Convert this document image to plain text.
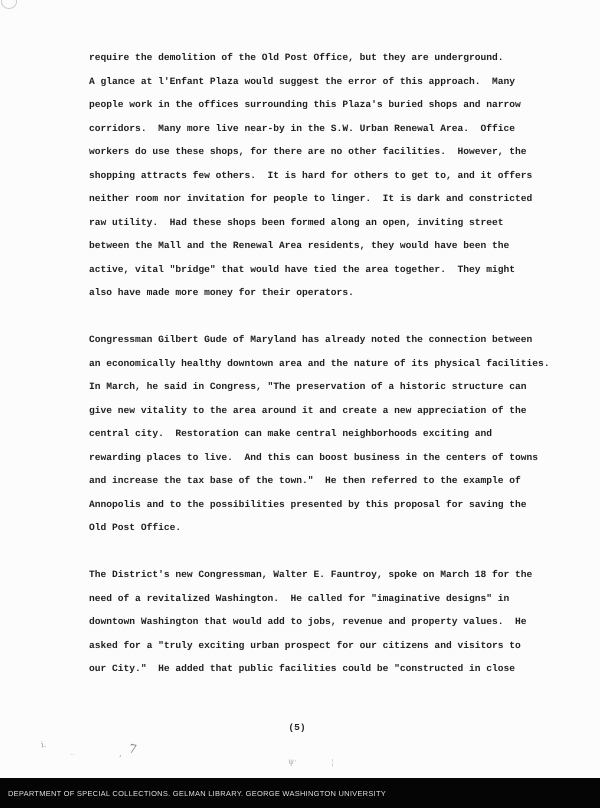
require the demolition of the Old Post Office, but they are underground.
A glance at l'Enfant Plaza would suggest the error of this approach.  Many
people work in the offices surrounding this Plaza's buried shops and narrow
corridors.  Many more live near-by in the S.W. Urban Renewal Area.  Office
workers do use these shops, for there are no other facilities.  However, the
shopping attracts few others.  It is hard for others to get to, and it offers
neither room nor invitation for people to linger.  It is dark and constricted
raw utility.  Had these shops been formed along an open, inviting street
between the Mall and the Renewal Area residents, they would have been the
active, vital "bridge" that would have tied the area together.  They might
also have made more money for their operators.
Congressman Gilbert Gude of Maryland has already noted the connection between
an economically healthy downtown area and the nature of its physical facilities.
In March, he said in Congress, "The preservation of a historic structure can
give new vitality to the area around it and create a new appreciation of the
central city.  Restoration can make central neighborhoods exciting and
rewarding places to live.  And this can boost business in the centers of towns
and increase the tax base of the town."  He then referred to the example of
Annopolis and to the possibilities presented by this proposal for saving the
Old Post Office.
The District's new Congressman, Walter E. Fauntroy, spoke on March 18 for the
need of a revitalized Washington.  He called for "imaginative designs" in
downtown Washington that would add to jobs, revenue and property values.  He
asked for a "truly exciting urban prospect for our citizens and visitors to
our City."  He added that public facilities could be "constructed in close
(5)
i.
..	, 7
ψ·	¦
DEPARTMENT OF SPECIAL COLLECTIONS. GELMAN LIBRARY. GEORGE WASHINGTON UNIVERSITY
